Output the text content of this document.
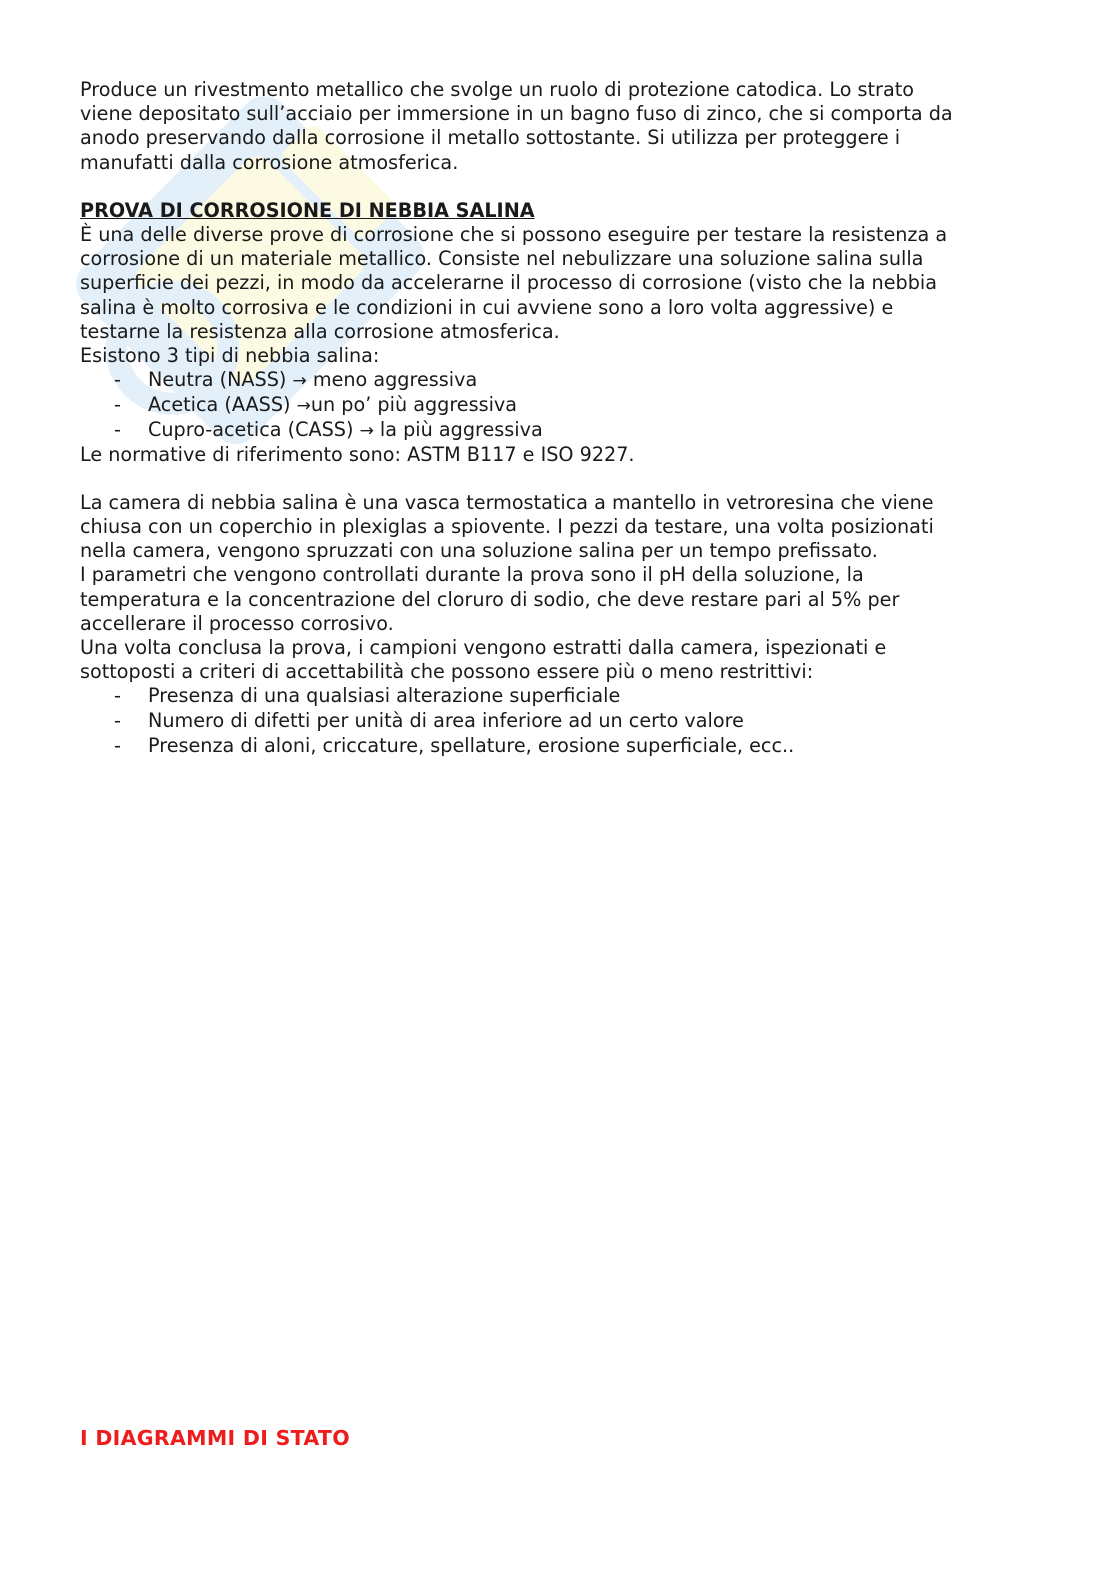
Produce un rivestmento metallico che svolge un ruolo di protezione catodica. Lo strato

viene depositato sull’acciaio per immersione in un bagno fuso di zinco, che si comporta da

anodo preservando dalla corrosione il metallo sottostante. Si utilizza per proteggere i

manufatti dalla corrosione atmosferica.

PROVA DI CORROSIONE DI NEBBIA SALINA

È una delle diverse prove di corrosione che si possono eseguire per testare la resistenza a

corrosione di un materiale metallico. Consiste nel nebulizzare una soluzione salina sulla

superficie dei pezzi, in modo da accelerarne il processo di corrosione (visto che la nebbia

salina è molto corrosiva e le condizioni in cui avviene sono a loro volta aggressive) e

testarne la resistenza alla corrosione atmosferica.

Esistono 3 tipi di nebbia salina:

- Neutra (NASS) → meno aggressiva
- Acetica (AASS) →un po’ più aggressiva
- Cupro-acetica (CASS) → la più aggressiva

Le normative di riferimento sono: ASTM B117 e ISO 9227.

La camera di nebbia salina è una vasca termostatica a mantello in vetroresina che viene

chiusa con un coperchio in plexiglas a spiovente. I pezzi da testare, una volta posizionati

nella camera, vengono spruzzati con una soluzione salina per un tempo prefissato.

I parametri che vengono controllati durante la prova sono il pH della soluzione, la

temperatura e la concentrazione del cloruro di sodio, che deve restare pari al 5% per

accellerare il processo corrosivo.

Una volta conclusa la prova, i campioni vengono estratti dalla camera, ispezionati e

sottoposti a criteri di accettabilità che possono essere più o meno restrittivi:

- Presenza di una qualsiasi alterazione superficiale
- Numero di difetti per unità di area inferiore ad un certo valore
- Presenza di aloni, criccature, spellature, erosione superficiale, ecc..
I DIAGRAMMI DI STATO
